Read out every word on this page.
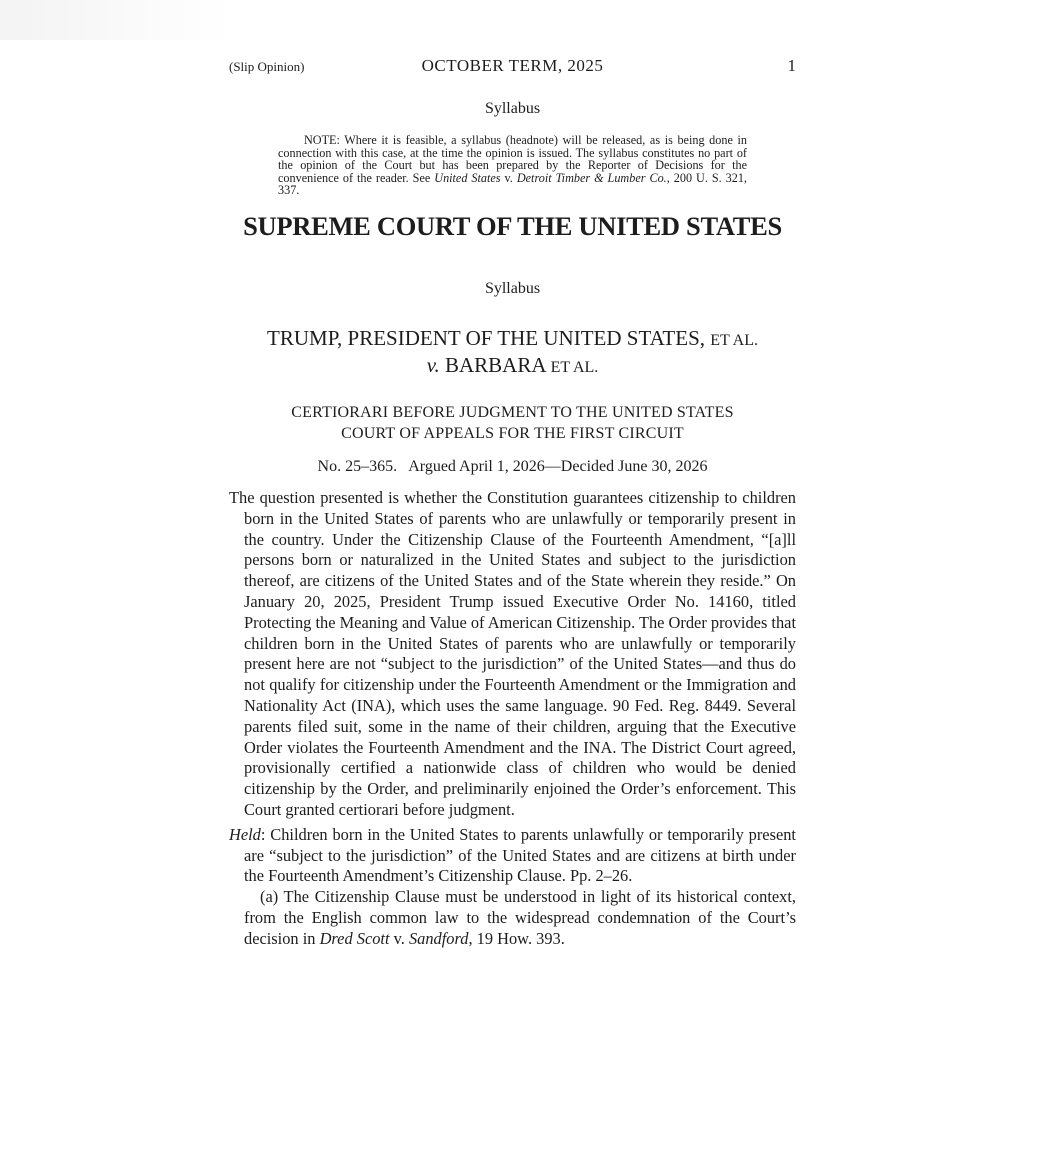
(Slip Opinion)	OCTOBER TERM, 2025	1
Syllabus
NOTE: Where it is feasible, a syllabus (headnote) will be released, as is being done in connection with this case, at the time the opinion is issued. The syllabus constitutes no part of the opinion of the Court but has been prepared by the Reporter of Decisions for the convenience of the reader. See United States v. Detroit Timber & Lumber Co., 200 U. S. 321, 337.
SUPREME COURT OF THE UNITED STATES
Syllabus
TRUMP, PRESIDENT OF THE UNITED STATES, ET AL.
v. BARBARA ET AL.
CERTIORARI BEFORE JUDGMENT TO THE UNITED STATES
COURT OF APPEALS FOR THE FIRST CIRCUIT
No. 25–365.   Argued April 1, 2026—Decided June 30, 2026
The question presented is whether the Constitution guarantees citizenship to children born in the United States of parents who are unlawfully or temporarily present in the country. Under the Citizenship Clause of the Fourteenth Amendment, “[a]ll persons born or naturalized in the United States and subject to the jurisdiction thereof, are citizens of the United States and of the State wherein they reside.” On January 20, 2025, President Trump issued Executive Order No. 14160, titled Protecting the Meaning and Value of American Citizenship. The Order provides that children born in the United States of parents who are unlawfully or temporarily present here are not “subject to the jurisdiction” of the United States—and thus do not qualify for citizenship under the Fourteenth Amendment or the Immigration and Nationality Act (INA), which uses the same language. 90 Fed. Reg. 8449. Several parents filed suit, some in the name of their children, arguing that the Executive Order violates the Fourteenth Amendment and the INA. The District Court agreed, provisionally certified a nationwide class of children who would be denied citizenship by the Order, and preliminarily enjoined the Order’s enforcement. This Court granted certiorari before judgment.
Held: Children born in the United States to parents unlawfully or temporarily present are “subject to the jurisdiction” of the United States and are citizens at birth under the Fourteenth Amendment’s Citizenship Clause. Pp. 2–26.
(a) The Citizenship Clause must be understood in light of its historical context, from the English common law to the widespread condemnation of the Court’s decision in Dred Scott v. Sandford, 19 How. 393.
